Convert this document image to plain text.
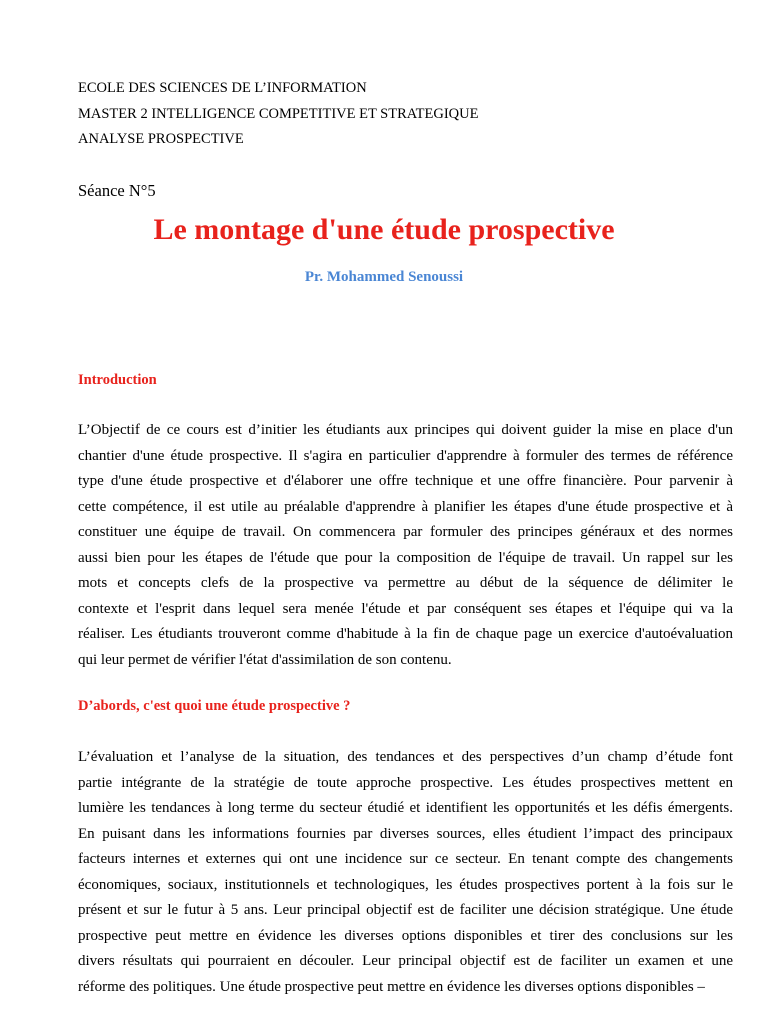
ECOLE DES SCIENCES DE L’INFORMATION
MASTER 2 INTELLIGENCE COMPETITIVE ET STRATEGIQUE
ANALYSE PROSPECTIVE
Séance N°5
Le montage d'une étude prospective
Pr. Mohammed Senoussi
Introduction
L’Objectif de ce cours est d’initier les étudiants aux principes qui doivent guider la mise en place d'un
chantier d'une étude prospective. Il s'agira en particulier d'apprendre à formuler des termes de référence
type d'une étude prospective et d'élaborer une offre technique et une offre financière. Pour parvenir à
cette compétence, il est utile au préalable d'apprendre à planifier les étapes d'une étude prospective et à
constituer une équipe de travail. On commencera par formuler des principes généraux et des normes
aussi bien pour les étapes de l'étude que pour la composition de l'équipe de travail. Un rappel sur les
mots et concepts clefs de la prospective va permettre au début de la séquence de délimiter le
contexte et l'esprit dans lequel sera menée l'étude et par conséquent ses étapes et l'équipe qui va la
réaliser. Les étudiants trouveront comme d'habitude à la fin de chaque page un exercice d'autoévaluation
qui leur permet de vérifier l'état d'assimilation de son contenu.
D’abords, c'est quoi une étude prospective ?
L’évaluation et l’analyse de la situation, des tendances et des perspectives d’un champ d’étude font
partie intégrante de la stratégie de toute approche prospective. Les études prospectives mettent en
lumière les tendances à long terme du secteur étudié et identifient les opportunités et les défis émergents.
En puisant dans les informations fournies par diverses sources, elles étudient l’impact des principaux
facteurs internes et externes qui ont une incidence sur ce secteur. En tenant compte des changements
économiques, sociaux, institutionnels et technologiques, les études prospectives portent à la fois sur le
présent et sur le futur à 5 ans. Leur principal objectif est de faciliter une décision stratégique. Une étude
prospective peut mettre en évidence les diverses options disponibles et tirer des conclusions sur les
divers résultats qui pourraient en découler. Leur principal objectif est de faciliter un examen et une
réforme des politiques. Une étude prospective peut mettre en évidence les diverses options disponibles –
